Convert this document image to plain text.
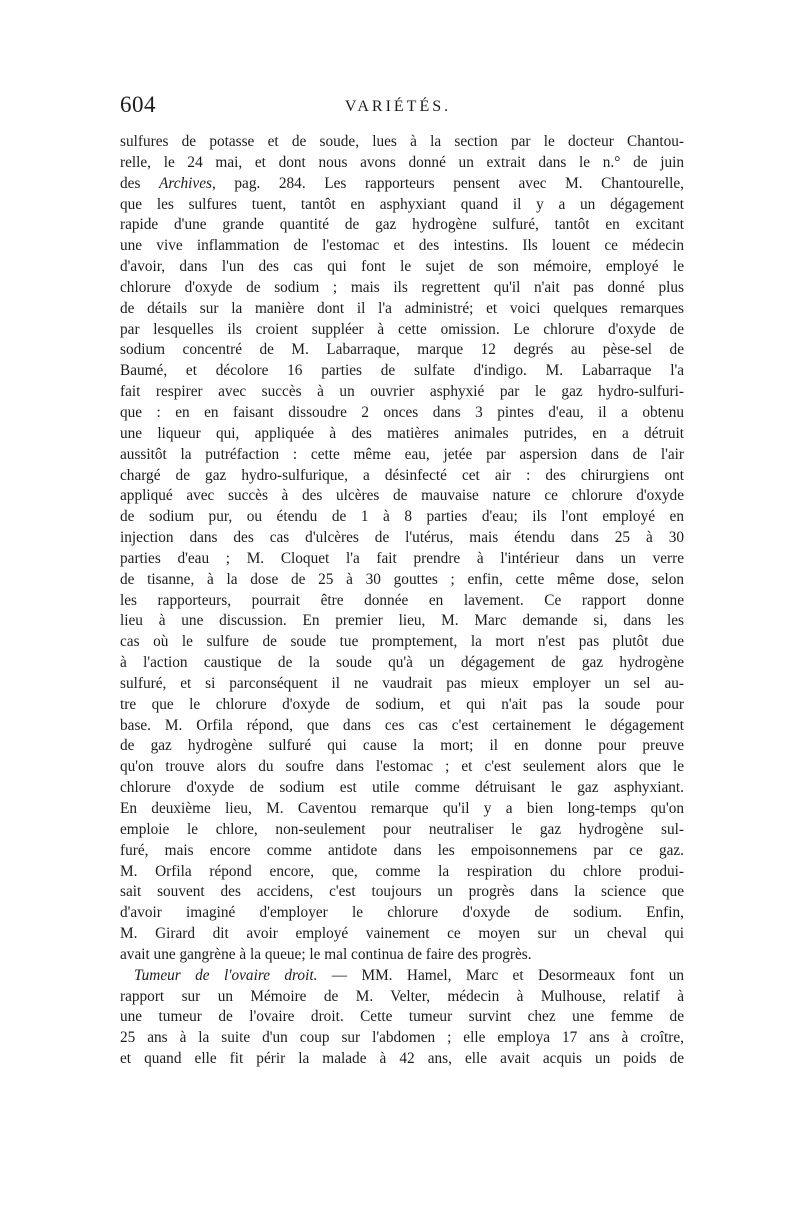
604	VARIÉTÉS.
sulfures de potasse et de soude, lues à la section par le docteur Chantou-
relle, le 24 mai, et dont nous avons donné un extrait dans le n.° de juin
des Archives, pag. 284. Les rapporteurs pensent avec M. Chantourelle,
que les sulfures tuent, tantôt en asphyxiant quand il y a un dégagement
rapide d'une grande quantité de gaz hydrogène sulfuré, tantôt en excitant
une vive inflammation de l'estomac et des intestins. Ils louent ce médecin
d'avoir, dans l'un des cas qui font le sujet de son mémoire, employé le
chlorure d'oxyde de sodium ; mais ils regrettent qu'il n'ait pas donné plus
de détails sur la manière dont il l'a administré; et voici quelques remarques
par lesquelles ils croient suppléer à cette omission. Le chlorure d'oxyde de
sodium concentré de M. Labarraque, marque 12 degrés au pèse-sel de
Baumé, et décolore 16 parties de sulfate d'indigo. M. Labarraque l'a
fait respirer avec succès à un ouvrier asphyxié par le gaz hydro-sulfuri-
que : en en faisant dissoudre 2 onces dans 3 pintes d'eau, il a obtenu
une liqueur qui, appliquée à des matières animales putrides, en a détruit
aussitôt la putréfaction : cette même eau, jetée par aspersion dans de l'air
chargé de gaz hydro-sulfurique, a désinfecté cet air : des chirurgiens ont
appliqué avec succès à des ulcères de mauvaise nature ce chlorure d'oxyde
de sodium pur, ou étendu de 1 à 8 parties d'eau; ils l'ont employé en
injection dans des cas d'ulcères de l'utérus, mais étendu dans 25 à 30
parties d'eau ; M. Cloquet l'a fait prendre à l'intérieur dans un verre
de tisanne, à la dose de 25 à 30 gouttes ; enfin, cette même dose, selon
les rapporteurs, pourrait être donnée en lavement. Ce rapport donne
lieu à une discussion. En premier lieu, M. Marc demande si, dans les
cas où le sulfure de soude tue promptement, la mort n'est pas plutôt due
à l'action caustique de la soude qu'à un dégagement de gaz hydrogène
sulfuré, et si parconséquent il ne vaudrait pas mieux employer un sel au-
tre que le chlorure d'oxyde de sodium, et qui n'ait pas la soude pour
base. M. Orfila répond, que dans ces cas c'est certainement le dégagement
de gaz hydrogène sulfuré qui cause la mort; il en donne pour preuve
qu'on trouve alors du soufre dans l'estomac ; et c'est seulement alors que le
chlorure d'oxyde de sodium est utile comme détruisant le gaz asphyxiant.
En deuxième lieu, M. Caventou remarque qu'il y a bien long-temps qu'on
emploie le chlore, non-seulement pour neutraliser le gaz hydrogène sul-
furé, mais encore comme antidote dans les empoisonnemens par ce gaz.
M. Orfila répond encore, que, comme la respiration du chlore produi-
sait souvent des accidens, c'est toujours un progrès dans la science que
d'avoir imaginé d'employer le chlorure d'oxyde de sodium. Enfin,
M. Girard dit avoir employé vainement ce moyen sur un cheval qui
avait une gangrène à la queue; le mal continua de faire des progrès.
Tumeur de l'ovaire droit. — MM. Hamel, Marc et Desormeaux font un
rapport sur un Mémoire de M. Velter, médecin à Mulhouse, relatif à
une tumeur de l'ovaire droit. Cette tumeur survint chez une femme de
25 ans à la suite d'un coup sur l'abdomen ; elle employa 17 ans à croître,
et quand elle fit périr la malade à 42 ans, elle avait acquis un poids de
